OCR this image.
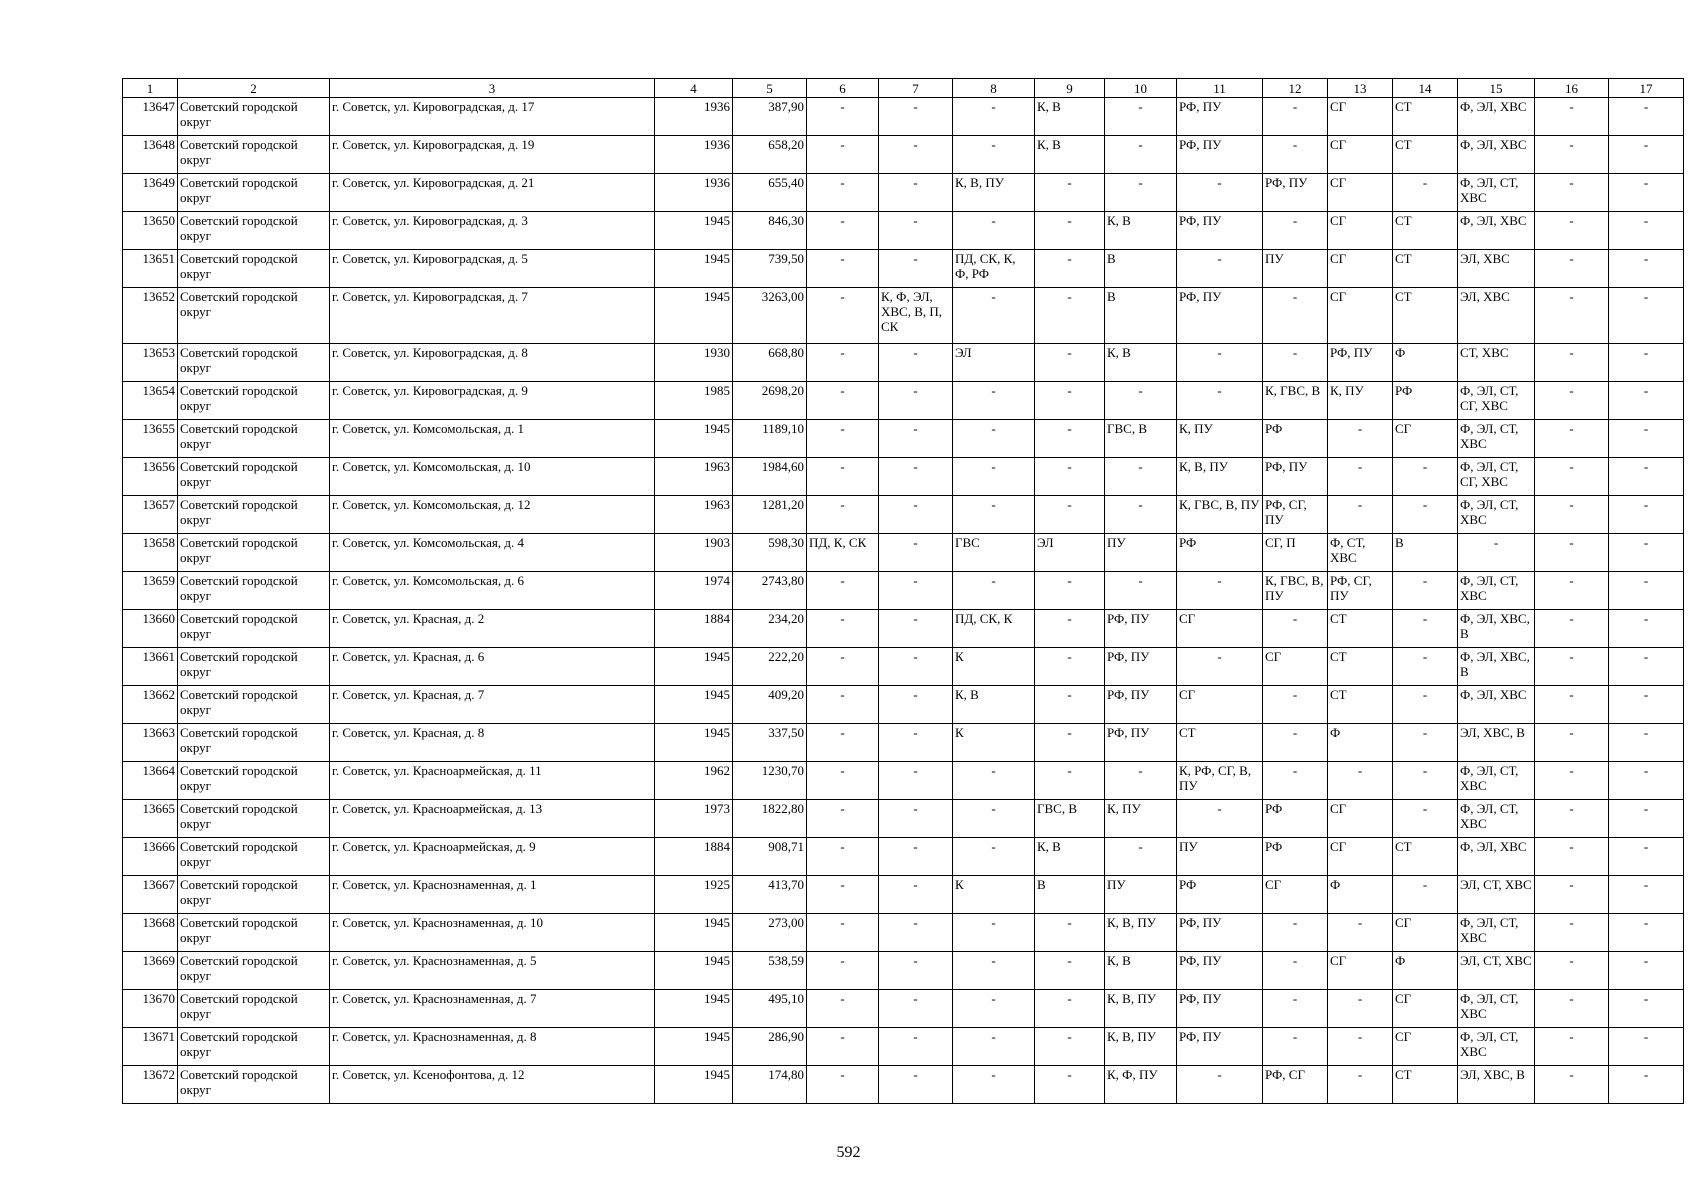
1	2	3	4	5	6	7	8	9	10	11	12	13	14	15	16	17
13647	Советский городской округ	г. Советск, ул. Кировоградская, д. 17	1936	387,90	-	-	-	К, В	-	РФ, ПУ	-	СГ	СТ	Ф, ЭЛ, ХВС	-	-
13648	Советский городской округ	г. Советск, ул. Кировоградская, д. 19	1936	658,20	-	-	-	К, В	-	РФ, ПУ	-	СГ	СТ	Ф, ЭЛ, ХВС	-	-
13649	Советский городской округ	г. Советск, ул. Кировоградская, д. 21	1936	655,40	-	-	К, В, ПУ	-	-	-	РФ, ПУ	СГ	-	Ф, ЭЛ, СТ, ХВС	-	-
13650	Советский городской округ	г. Советск, ул. Кировоградская, д. 3	1945	846,30	-	-	-	-	К, В	РФ, ПУ	-	СГ	СТ	Ф, ЭЛ, ХВС	-	-
13651	Советский городской округ	г. Советск, ул. Кировоградская, д. 5	1945	739,50	-	-	ПД, СК, К, Ф, РФ	-	В	-	ПУ	СГ	СТ	ЭЛ, ХВС	-	-
13652	Советский городской округ	г. Советск, ул. Кировоградская, д. 7	1945	3263,00	-	К, Ф, ЭЛ, ХВС, В, П, СК	-	-	В	РФ, ПУ	-	СГ	СТ	ЭЛ, ХВС	-	-
13653	Советский городской округ	г. Советск, ул. Кировоградская, д. 8	1930	668,80	-	-	ЭЛ	-	К, В	-	-	РФ, ПУ	Ф	СТ, ХВС	-	-
13654	Советский городской округ	г. Советск, ул. Кировоградская, д. 9	1985	2698,20	-	-	-	-	-	-	К, ГВС, В	К, ПУ	РФ	Ф, ЭЛ, СТ, СГ, ХВС	-	-
13655	Советский городской округ	г. Советск, ул. Комсомольская, д. 1	1945	1189,10	-	-	-	-	ГВС, В	К, ПУ	РФ	-	СГ	Ф, ЭЛ, СТ, ХВС	-	-
13656	Советский городской округ	г. Советск, ул. Комсомольская, д. 10	1963	1984,60	-	-	-	-	-	К, В, ПУ	РФ, ПУ	-	-	Ф, ЭЛ, СТ, СГ, ХВС	-	-
13657	Советский городской округ	г. Советск, ул. Комсомольская, д. 12	1963	1281,20	-	-	-	-	-	К, ГВС, В, ПУ	РФ, СГ, ПУ	-	-	Ф, ЭЛ, СТ, ХВС	-	-
13658	Советский городской округ	г. Советск, ул. Комсомольская, д. 4	1903	598,30	ПД, К, СК	-	ГВС	ЭЛ	ПУ	РФ	СГ, П	Ф, СТ, ХВС	В	-	-	-
13659	Советский городской округ	г. Советск, ул. Комсомольская, д. 6	1974	2743,80	-	-	-	-	-	-	К, ГВС, В, ПУ	РФ, СГ, ПУ	-	Ф, ЭЛ, СТ, ХВС	-	-
13660	Советский городской округ	г. Советск, ул. Красная, д. 2	1884	234,20	-	-	ПД, СК, К	-	РФ, ПУ	СГ	-	СТ	-	Ф, ЭЛ, ХВС, В	-	-
13661	Советский городской округ	г. Советск, ул. Красная, д. 6	1945	222,20	-	-	К	-	РФ, ПУ	-	СГ	СТ	-	Ф, ЭЛ, ХВС, В	-	-
13662	Советский городской округ	г. Советск, ул. Красная, д. 7	1945	409,20	-	-	К, В	-	РФ, ПУ	СГ	-	СТ	-	Ф, ЭЛ, ХВС	-	-
13663	Советский городской округ	г. Советск, ул. Красная, д. 8	1945	337,50	-	-	К	-	РФ, ПУ	СТ	-	Ф	-	ЭЛ, ХВС, В	-	-
13664	Советский городской округ	г. Советск, ул. Красноармейская, д. 11	1962	1230,70	-	-	-	-	-	К, РФ, СГ, В, ПУ	-	-	-	Ф, ЭЛ, СТ, ХВС	-	-
13665	Советский городской округ	г. Советск, ул. Красноармейская, д. 13	1973	1822,80	-	-	-	ГВС, В	К, ПУ	-	РФ	СГ	-	Ф, ЭЛ, СТ, ХВС	-	-
13666	Советский городской округ	г. Советск, ул. Красноармейская, д. 9	1884	908,71	-	-	-	К, В	-	ПУ	РФ	СГ	СТ	Ф, ЭЛ, ХВС	-	-
13667	Советский городской округ	г. Советск, ул. Краснознаменная, д. 1	1925	413,70	-	-	К	В	ПУ	РФ	СГ	Ф	-	ЭЛ, СТ, ХВС	-	-
13668	Советский городской округ	г. Советск, ул. Краснознаменная, д. 10	1945	273,00	-	-	-	-	К, В, ПУ	РФ, ПУ	-	-	СГ	Ф, ЭЛ, СТ, ХВС	-	-
13669	Советский городской округ	г. Советск, ул. Краснознаменная, д. 5	1945	538,59	-	-	-	-	К, В	РФ, ПУ	-	СГ	Ф	ЭЛ, СТ, ХВС	-	-
13670	Советский городской округ	г. Советск, ул. Краснознаменная, д. 7	1945	495,10	-	-	-	-	К, В, ПУ	РФ, ПУ	-	-	СГ	Ф, ЭЛ, СТ, ХВС	-	-
13671	Советский городской округ	г. Советск, ул. Краснознаменная, д. 8	1945	286,90	-	-	-	-	К, В, ПУ	РФ, ПУ	-	-	СГ	Ф, ЭЛ, СТ, ХВС	-	-
13672	Советский городской округ	г. Советск, ул. Ксенофонтова, д. 12	1945	174,80	-	-	-	-	К, Ф, ПУ	-	РФ, СГ	-	СТ	ЭЛ, ХВС, В	-	-
592
